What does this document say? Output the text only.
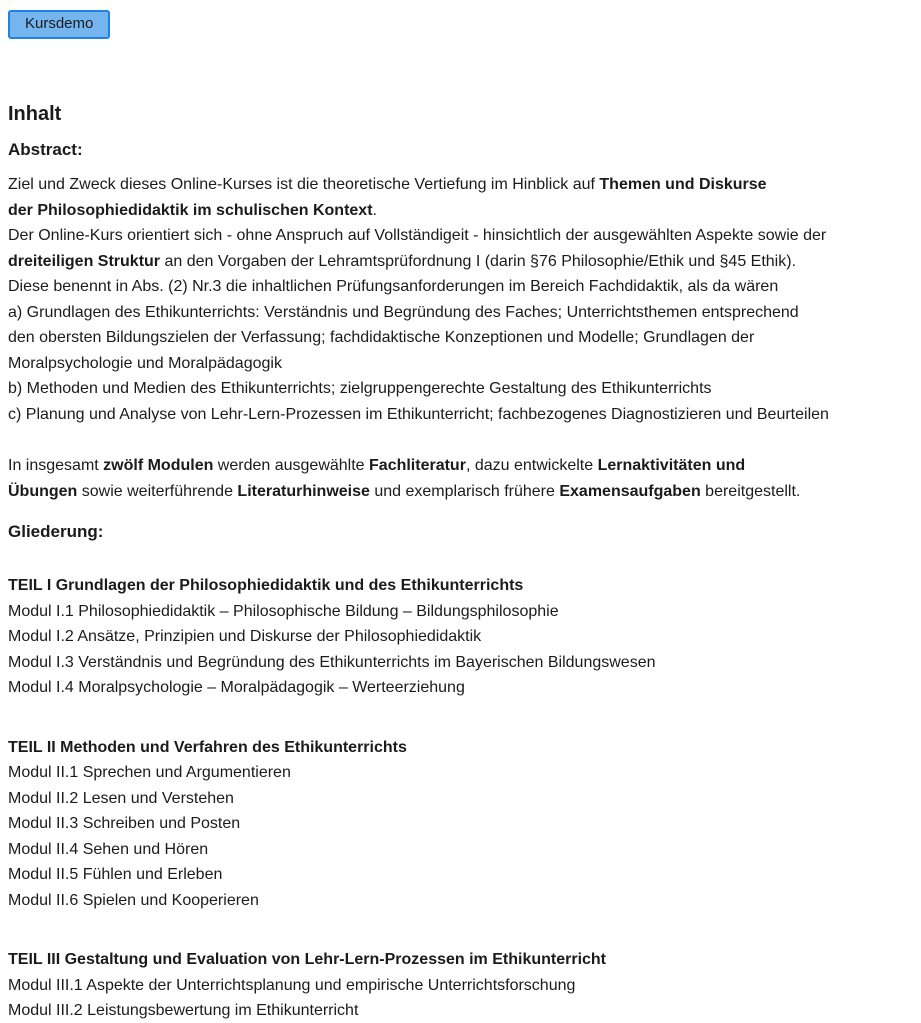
Kursdemo
Inhalt
Abstract:

Ziel und Zweck dieses Online-Kurses ist die theoretische Vertiefung im Hinblick auf Themen und Diskurse
der Philosophiedidaktik im schulischen Kontext.
Der Online-Kurs orientiert sich - ohne Anspruch auf Vollständigeit - hinsichtlich der ausgewählten Aspekte sowie der
dreiteiligen Struktur an den Vorgaben der Lehramtsprüfordnung I (darin §76 Philosophie/Ethik und §45 Ethik).
Diese benennt in Abs. (2) Nr.3 die inhaltlichen Prüfungsanforderungen im Bereich Fachdidaktik, als da wären
a) Grundlagen des Ethikunterrichts: Verständnis und Begründung des Faches; Unterrichtsthemen entsprechend
den obersten Bildungszielen der Verfassung; fachdidaktische Konzeptionen und Modelle; Grundlagen der
Moralpsychologie und Moralpädagogik
b) Methoden und Medien des Ethikunterrichts; zielgruppengerechte Gestaltung des Ethikunterrichts
c) Planung und Analyse von Lehr-Lern-Prozessen im Ethikunterricht; fachbezogenes Diagnostizieren und Beurteilen

In insgesamt zwölf Modulen werden ausgewählte Fachliteratur, dazu entwickelte Lernaktivitäten und
Übungen sowie weiterführende Literaturhinweise und exemplarisch frühere Examensaufgaben bereitgestellt.

Gliederung:
TEIL I Grundlagen der Philosophiedidaktik und des Ethikunterrichts
Modul I.1 Philosophiedidaktik – Philosophische Bildung – Bildungsphilosophie
Modul I.2 Ansätze, Prinzipien und Diskurse der Philosophiedidaktik
Modul I.3 Verständnis und Begründung des Ethikunterrichts im Bayerischen Bildungswesen
Modul I.4 Moralpsychologie – Moralpädagogik – Werteerziehung
TEIL II Methoden und Verfahren des Ethikunterrichts
Modul II.1 Sprechen und Argumentieren
Modul II.2 Lesen und Verstehen
Modul II.3 Schreiben und Posten
Modul II.4 Sehen und Hören
Modul II.5 Fühlen und Erleben
Modul II.6 Spielen und Kooperieren
TEIL III Gestaltung und Evaluation von Lehr-Lern-Prozessen im Ethikunterricht
Modul III.1 Aspekte der Unterrichtsplanung und empirische Unterrichtsforschung
Modul III.2 Leistungsbewertung im Ethikunterricht
